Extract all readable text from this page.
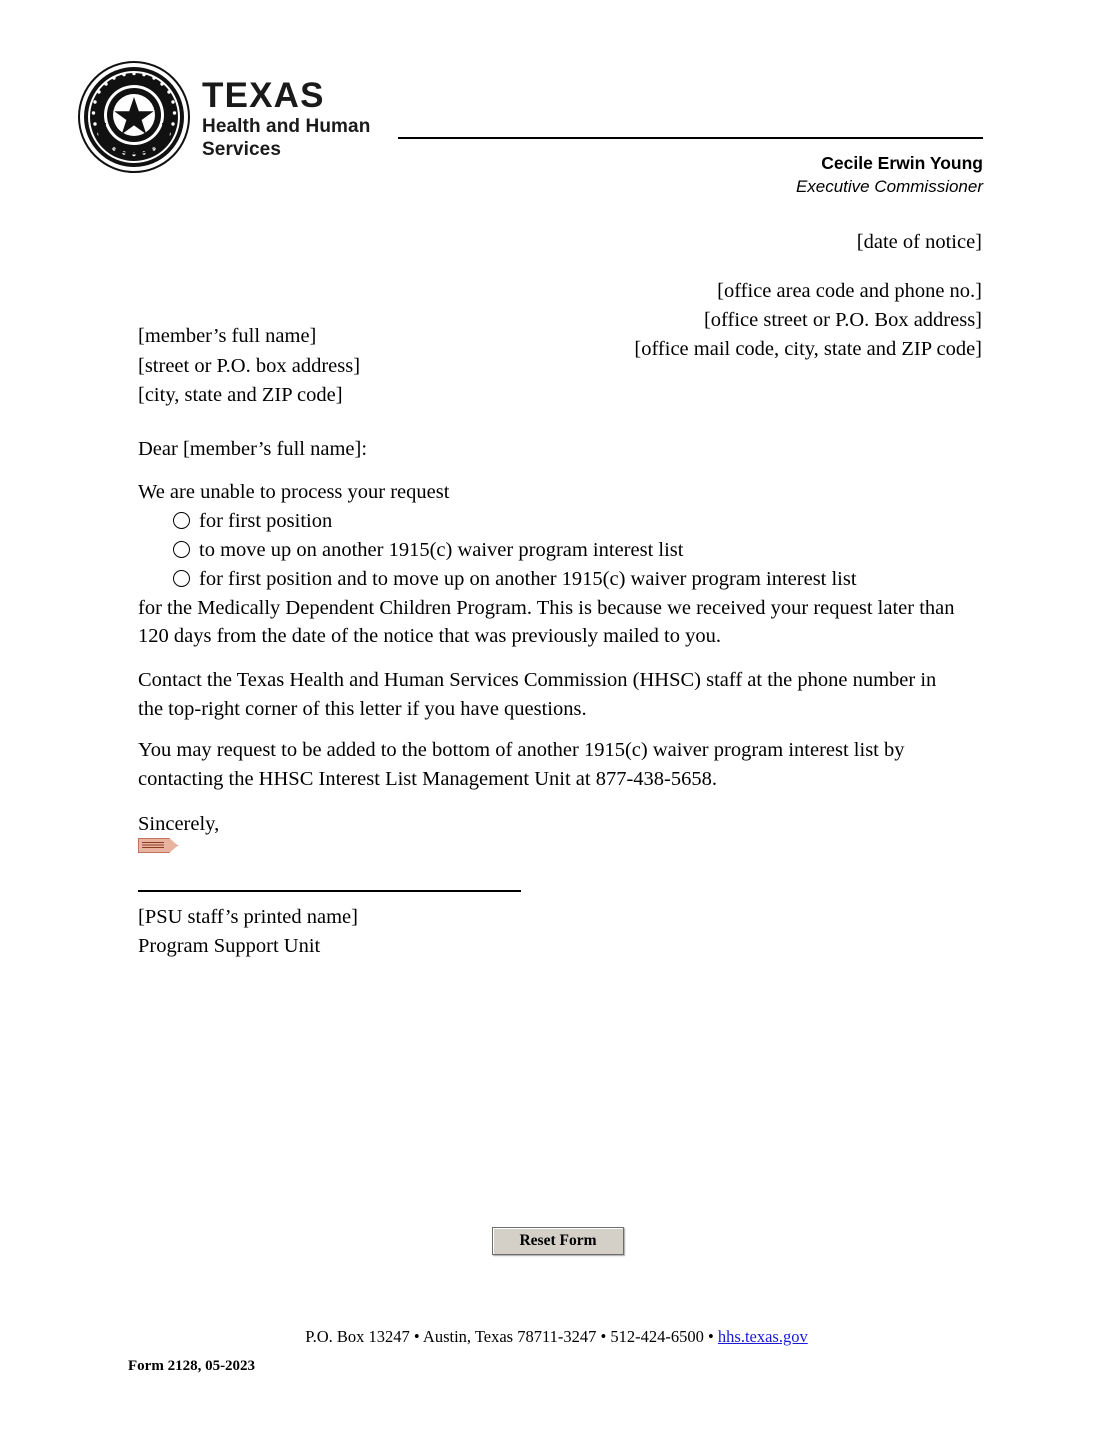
TEXAS
Health and Human
Services
Cecile Erwin Young
Executive Commissioner
[date of notice]
[office area code and phone no.]
[office street or P.O. Box address]
[office mail code, city, state and ZIP code]
[member’s full name]
[street or P.O. box address]
[city, state and ZIP code]
Dear [member’s full name]:
We are unable to process your request
for first position
to move up on another 1915(c) waiver program interest list
for first position and to move up on another 1915(c) waiver program interest list
for the Medically Dependent Children Program. This is because we received your request later than 120 days from the date of the notice that was previously mailed to you.
Contact the Texas Health and Human Services Commission (HHSC) staff at the phone number in the top-right corner of this letter if you have questions.
You may request to be added to the bottom of another 1915(c) waiver program interest list by contacting the HHSC Interest List Management Unit at 877-438-5658.
Sincerely,
[PSU staff’s printed name]
Program Support Unit
Reset Form
P.O. Box 13247 • Austin, Texas 78711-3247 • 512-424-6500 • hhs.texas.gov
Form 2128, 05-2023
